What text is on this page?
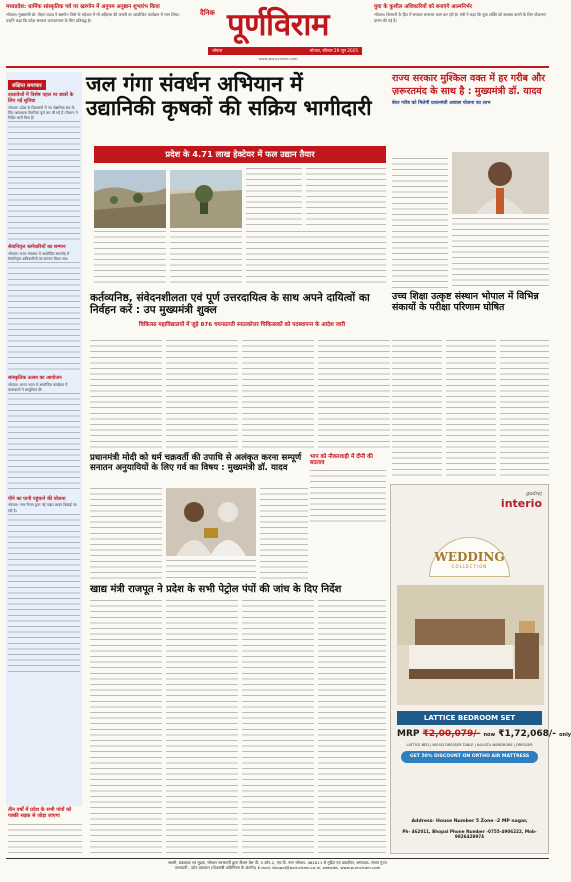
मध्यप्रदेश: धार्मिक सांस्कृतिक पर्व पर खरगोन में अनुपम अनुष्ठान शुभारंभ किया
भोपाल। मुख्यमंत्री डॉ. मोहन यादव ने खरगोन जिले के महेश्वर में माँ अहिल्या की जयंती पर आयोजित कार्यक्रम में भाग लिया। उन्होंने कहा कि प्रदेश सरकार जनकल्याण के लिए प्रतिबद्ध है।
दैनिक पूर्णविराम
भोपाल	भोपाल, रविवार 29 जून 2025
www.purnviram.com
युवा के कुशील अधिकारियों को बनाएंगे आत्मनिर्भर
भोपाल। किसानों के हित में सरकार लगातार काम कर रही है। मंत्री ने कहा कि युवा शक्ति को सशक्त बनाने के लिए योजनाएं प्रारंभ की गई हैं।
संक्षिप्त समाचार
दस्तावेजों में विशेष पहल पर छात्रों के लिए नई सुविधा
भोपाल। प्रदेश के विद्यालयों में नए शैक्षणिक सत्र के लिए आवश्यक तैयारियां पूर्ण कर ली गई हैं। विभाग ने निर्देश जारी किए हैं।
सेवानिवृत्त कर्मचारियों का सम्मान
भोपाल। राज्य मंत्रालय में आयोजित समारोह में सेवानिवृत्त अधिकारियों का सम्मान किया गया।
सांस्कृतिक उत्सव का आयोजन
भोपाल। भारत भवन में आयोजित कार्यक्रम में कलाकारों ने प्रस्तुतियां दीं।
पीने का पानी पहुंचाने की योजना
भोपाल। नगर निगम द्वारा नई पाइप लाइन बिछाई जा रही है।
जल गंगा संवर्धन अभियान में
उद्यानिकी कृषकों की सक्रिय भागीदारी
प्रदेश के 4.71 लाख हेक्टेयर में फल उद्यान तैयार
राज्य सरकार मुश्किल वक्त में हर गरीब और ज़रूरतमंद के साथ है : मुख्यमंत्री डॉ. यादव
बेघर गरीब को मिलेगी प्रधानमंत्री आवास योजना का लाभ
कर्तव्यनिष्ठ, संवेदनशीलता एवं पूर्ण उत्तरदायित्व के साथ अपने दायित्वों का निर्वहन करें : उप मुख्यमंत्री शुक्ल
चिकित्सा महाविद्यालयों में जुड़े 876 चयनप्राप्ती स्नातकोत्तर चिकित्सकों को पदस्थापना के आदेश जारी
उच्च शिक्षा उत्कृष्ट संस्थान भोपाल में विभिन्न संकायों के परीक्षा परिणाम घोषित
भाप को नौकरशाही में दीनी की बदलाव
प्रधानमंत्री मोदी को धर्म चक्रवर्ती की उपाधि से अलंकृत करना सम्पूर्ण सनातन अनुयायियों के लिए गर्व का विषय : मुख्यमंत्री डॉ. यादव
godrej
interio
WEDDING
COLLECTION
LATTICE BEDROOM SET
MRP ₹2,00,079/- now ₹1,72,068/- only
LATTICE BED | WOOD DRESSER TABLE | KALISTA WARDROBE | DRESSER
GET 50% DISCOUNT ON ORTHO AIR MATTRESS
Address- House Number 5 Zone -2 MP nagar,
Ph- 462011, Bhopal Phone Number -0755-4906222, Mob-9826428974
खाद्य मंत्री राजपूत ने प्रदेश के सभी पेट्रोल पंपों की जांच के दिए निर्देश
तीन वर्षों में प्रदेश के सभी गांवों को पक्की सड़क से जोड़ा जाएगा
स्वामी, प्रकाशक एवं मुद्रक, भोपाल नवभारती द्वारा नीलम प्रेस पी- 5 जोन-2, एम.पी. नगर भोपाल- 462011 से मुद्रित एवं प्रकाशित, सम्पादक- संजय गुप्ता
उत्तरदायी - फ़ोन प्रकाशन (पीआरबी अधिनियम के अंतर्गत) E-mail- bhopal@purnviram.co.in, website- www.purnviram.com
